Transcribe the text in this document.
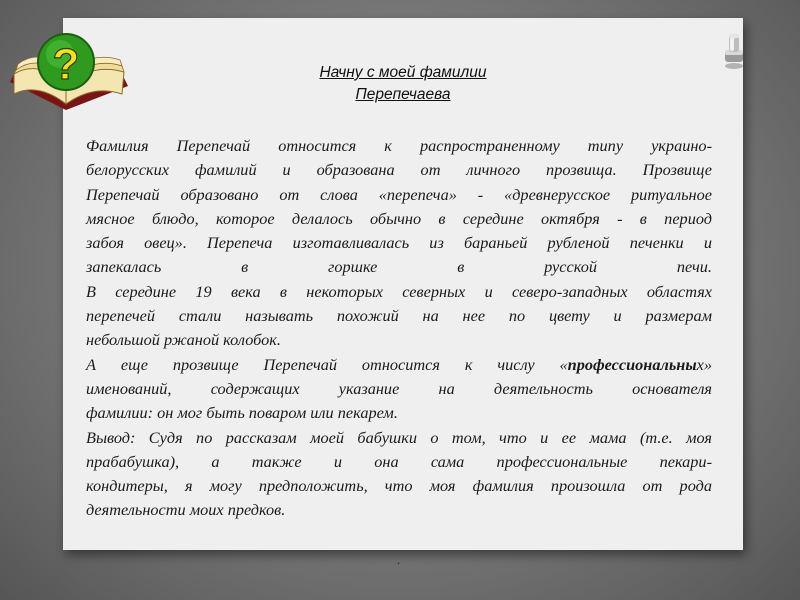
?	Начну с моей фамилии
Перепечаева
Фамилия Перепечай относится к распространенному типу украино-
белорусских фамилий и образована от личного прозвища. Прозвище
Перепечай образовано от слова «перепеча» - «древнерусское ритуальное
мясное блюдо, которое делалось обычно в середине октября - в период
забоя овец». Перепеча изготавливалась из бараньей рубленой печенки и
запекалась в горшке в русской печи.
В середине 19 века в некоторых северных и северо-западных областях
перепечей стали называть похожий на нее по цвету и размерам
небольшой ржаной колобок.
А еще прозвище Перепечай относится к числу «профессиональных»
именований, содержащих указание на деятельность основателя
фамилии: он мог быть поваром или пекарем.
Вывод: Судя по рассказам моей бабушки о том, что и ее мама (т.е. моя
прабабушка), а также и она сама профессиональные пекари-
кондитеры, я могу предположить, что моя фамилия произошла от рода
деятельности моих предков.
.
